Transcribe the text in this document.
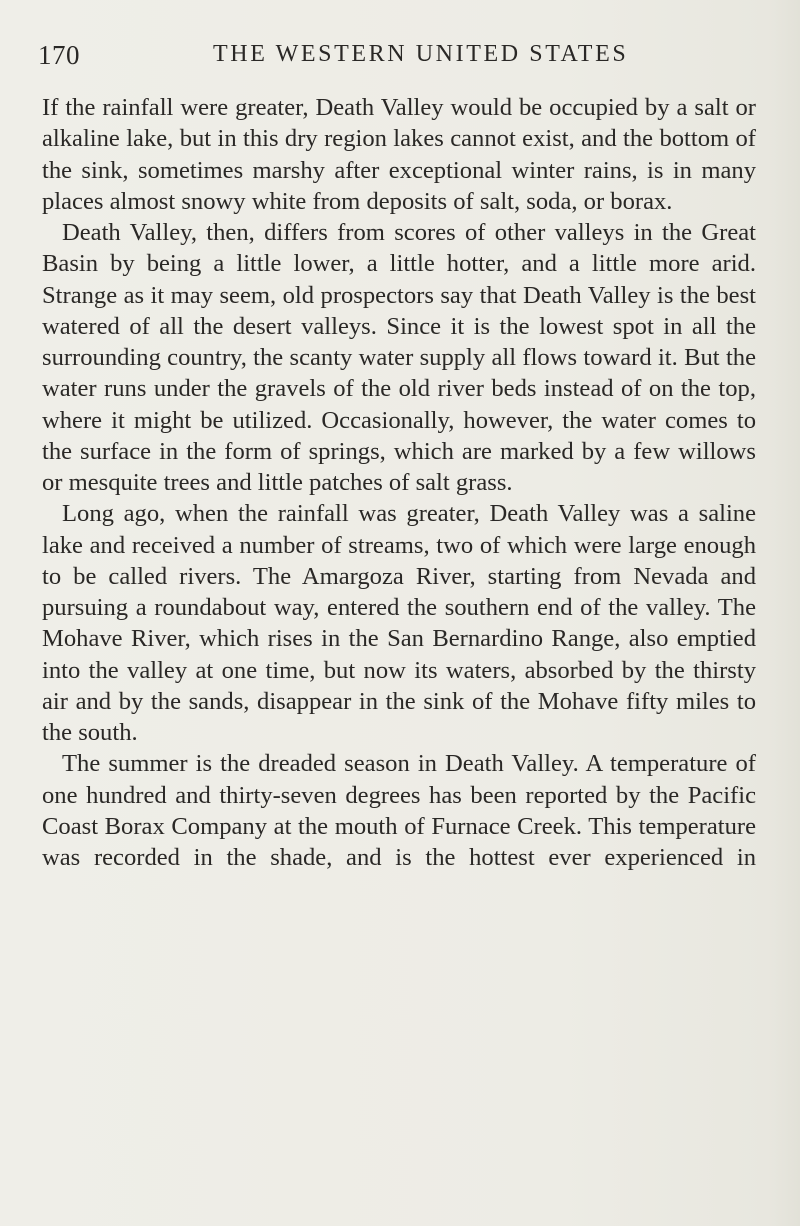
170	THE WESTERN UNITED STATES

If the rainfall were greater, Death Valley would be occupied by a salt or alkaline lake, but in this dry region lakes cannot exist, and the bottom of the sink, sometimes marshy after exceptional winter rains, is in many places almost snowy white from deposits of salt, soda, or borax.

Death Valley, then, differs from scores of other valleys in the Great Basin by being a little lower, a little hotter, and a little more arid. Strange as it may seem, old prospectors say that Death Valley is the best watered of all the desert valleys. Since it is the lowest spot in all the surrounding country, the scanty water supply all flows toward it. But the water runs under the gravels of the old river beds instead of on the top, where it might be utilized. Occasionally, however, the water comes to the surface in the form of springs, which are marked by a few willows or mesquite trees and little patches of salt grass.

Long ago, when the rainfall was greater, Death Valley was a saline lake and received a number of streams, two of which were large enough to be called rivers. The Amargoza River, starting from Nevada and pursuing a roundabout way, entered the southern end of the valley. The Mohave River, which rises in the San Bernardino Range, also emptied into the valley at one time, but now its waters, absorbed by the thirsty air and by the sands, disappear in the sink of the Mohave fifty miles to the south.

The summer is the dreaded season in Death Valley. A temperature of one hundred and thirty-seven degrees has been reported by the Pacific Coast Borax Company at the mouth of Furnace Creek. This temperature was recorded in the shade, and is the hottest ever experienced in
